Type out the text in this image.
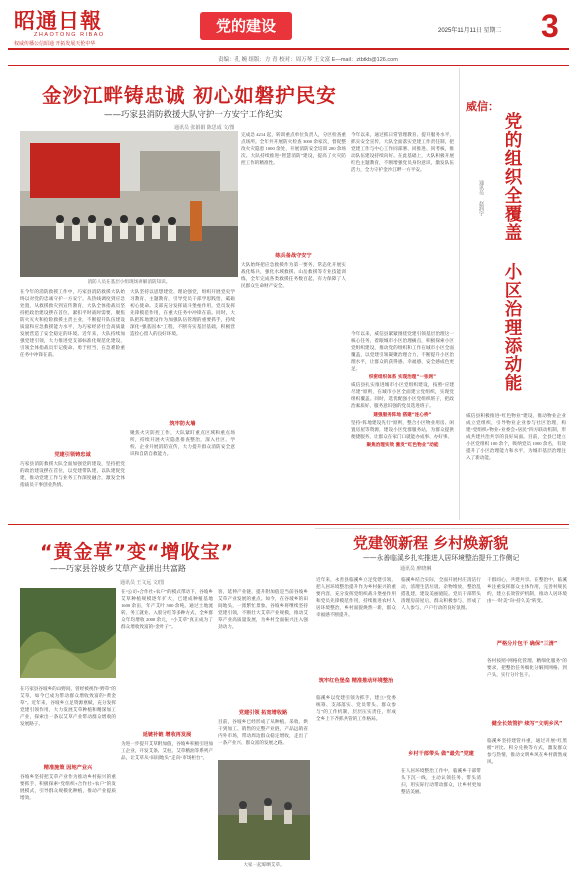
昭通日報
ZHAOTONG RIBAO
权威传播公信昭通 开拓发展天伦中华
党的建设	2025年11月11日 星期二 3
责编：孔 婉 组版：方 青 校对：周万琴 王文富 E—mail：ztbtkb@126.com
金沙江畔铸忠诚 初心如磐护民安
——巧家县消防救援大队守护一方安宁工作纪实
通讯员 张娟娟 陈思成 文/图
消防人员在基层小组现场讲解消防知识。
在今年的消防救援工作中，巧家县消防救援大队始终以对党的忠诚守护一方安宁。从热线调度到应急处置，从救援救灾到宣传教育，大队全体指战员坚持把政治建设摆在首位，紧扣平时战时需要，聚焦防火灭火和抢险救援主责主业，不断提升队伍建设质量和应急救援能力水平，为巧家经济社会高质量发展营造了安全稳定的环境。近年来，大队持续加强党建引领，大力推进党支部标准化规范化建设，引领全体指战员牢记使命、勇于担当，在急难险重任务中冲锋在前。
党建引领铸忠诚
巧家县消防救援大队全面加强党的建设，坚持把党的政治建设摆在首位，以党建带队建，以队建促党建，推动党建工作与业务工作深度融合，激发全体指战员干事创业热情。
大队坚持以思想建党、理论强党，组织开展党史学习教育、主题教育，引导党员干部学思践悟，砥砺初心使命。支部充分发挥战斗堡垒作用，党员发挥先锋模范作用，在重大任务中冲锋在前。同时，大队把阵地建设作为加强队伍管理的重要抓手，持续深化“强基固本”工程，不断夯实基层基础，积极营造拴心留人的良好环境。
筑牢防火墙
聚焦火灾防控工作，大队紧盯重点区域和重点场所，持续开展火灾隐患排查整治，深入社区、学校、企业开展消防宣传，大力提升群众消防安全意识和自防自救能力。
完成急 4214 起，转训重点单位负责人，分区检查重点场所。全年共开展防火检查 3000 余家次，督促整改火灾隐患 1000 余处，开展消防安全培训 200 余场次。大队持续推进“智慧消防”建设，提高了火灾防控工作的精准性。
练兵备战守安宁
大队始终把应急救援作为第一要务，常态化开展实战化练兵，强化水域救援、山岳救援等专业技能训练，全年完成各类救援任务数百起，有力保障了人民群众生命财产安全。
今年以来，通过抓日常管理教育、提升服务水平，抓实安全宣传，大队全面落实党建工作责任制，把党建工作与中心工作同部署、同推进、同考核，推动队伍建设持续向好。在此基础上，大队积极开展红色主题教育，不断增强党员身份意识，激发队伍活力，全力守护金沙江畔一方平安。
威信：
党的组织全覆盖 小区治理添动能
通讯员 赵润宇
威信县积极推进“红色物业”建设，推动物业企业成立党组织，引导物业企业参与社区治理，构建“党组织+物业+业委会+居民”四方联动机制，形成共建共治共享的良好局面。目前，全县已建立小区党组织 100 余个，吸纳党员 1000 余名，有效提升了小区治理能力和水平，为城市基层治理注入了新动能。
“黄金草”变“增收宝”
——巧家县谷坡乡艾草产业拼出共富路
通讯员 王文远 文/图
在巧家县谷坡乡的山野间，曾经被视作“野草”的艾草，如今已成为带动群众增收致富的“黄金草”。近年来，谷坡乡立足资源禀赋，充分发挥党建引领作用，大力发展艾草种植和精深加工产业，探索出一条以艾草产业带动群众增收的发展路子。
精准施策 因地产业兴
谷坡乡坚持把艾草产业作为推动乡村振兴的重要抓手，积极探索“党组织+合作社+农户”的发展模式，引导群众规模化种植，推动产业提质增效。
在“公司+合作社+农户”的模式带动下，谷坡乡艾草种植规模逐年扩大，已建成种植基地 1600 余亩，年产艾叶 500 余吨。通过土地流转、务工就业、入股分红等多种方式，全乡群众年均增收 2000 余元，“小艾草”真正成为了群众增收致富的“金叶子”。
延链补链 增收再发展
为进一步提升艾草附加值，谷坡乡积极引进加工企业，开发艾条、艾柱、艾草精油等系列产品，让艾草从“田间地头”走向“市场柜台”。
客，延伸产业链，提升附加值是当前谷坡乡艾草产业发展的重点。如今，在谷坡乡的田间地头，一派繁忙景象。谷坡乡将继续坚持党建引领，不断壮大艾草产业规模，推动艾草产业高质量发展，为乡村全面振兴注入强劲动力。
党建引领 拓宽增收路
目前，谷坡乡已经形成了从种植、采收、烘干到加工、销售的完整产业链，产品远销省内外市场，带动周边群众稳定增收，走出了一条产业兴、群众富的发展之路。
大家一起晾晒艾草。
党建领新程 乡村焕新貌
——永善临溪乡扎实推进人居环境整治提升工作侧记
通讯员 廖晓琳
近年来，永善县临溪乡立足党建引领，把人居环境整治提升作为乡村振兴的重要内容，充分发挥党组织战斗堡垒作用和党员先锋模范作用，持续推进农村人居环境整治，乡村面貌焕然一新，群众幸福感不断提升。
筑牢红色堡垒 精准推动环境整治
临溪乡以党建引领为抓手，建立“党委统筹、支部落实、党员带头、群众参与”的工作机制，层层压实责任，形成全乡上下齐抓共管的工作格局。
临溪乡结合实际，全面开展村庄清洁行动，清理生活垃圾、杂物堆放，整治乱搭乱建，建设美丽庭院。党员干部带头清理房前屋后，群众积极参与，形成了人人参与、户户行动的良好氛围。
乡村干部带头 做“最先”党建
在人居环境整治工作中，临溪乡干部带头下沉一线，主动认领任务、带头清扫，用实际行动带动群众，让乡村更加整洁美丽。
干群同心，共建共享。在整治中，临溪乡注重发挥群众主体作用，完善村规民约，建立长效管护机制，推动人居环境由“一时美”向“持久美”转变。
严格分片包干 确保“三清”
各村按照“网格化管理、精细化服务”的要求，把整治任务细化分解到网格、到户头，实行分片包干。
健全长效管护 续写“文明乡风”
临溪乡坚持建管并重，通过开展“红黑榜”评比、积分兑换等方式，激发群众参与热情，推动文明乡风在乡村蔚然成风。
今年以来，威信县紧紧围绕党建引领基层治理这一核心任务，着眼城市小区治理痛点，积极探索小区党组织建设，推动党的组织和工作在城市小区全面覆盖，以党建引领凝聚治理合力，不断提升小区治理水平，让群众的获得感、幸福感、安全感成色更足。
织密组织体系 实现治理“一张网”
威信县扎实推进城市小区党组织建设，按照“应建尽建”原则，在城市小区全面建立党组织，实现党组织覆盖。同时，选优配强小区党组织班子，把政治素质好、服务意识强的党员选进班子。
建强服务阵地 搭建“连心桥”
坚持“阵地建设先行”原则，整合小区物业用房、闲置房屋等资源，建设小区党群服务站，为群众提供便捷服务，让群众在家门口就能办成事、办好事。
聚焦治理实效 激发“红色物业”动能
